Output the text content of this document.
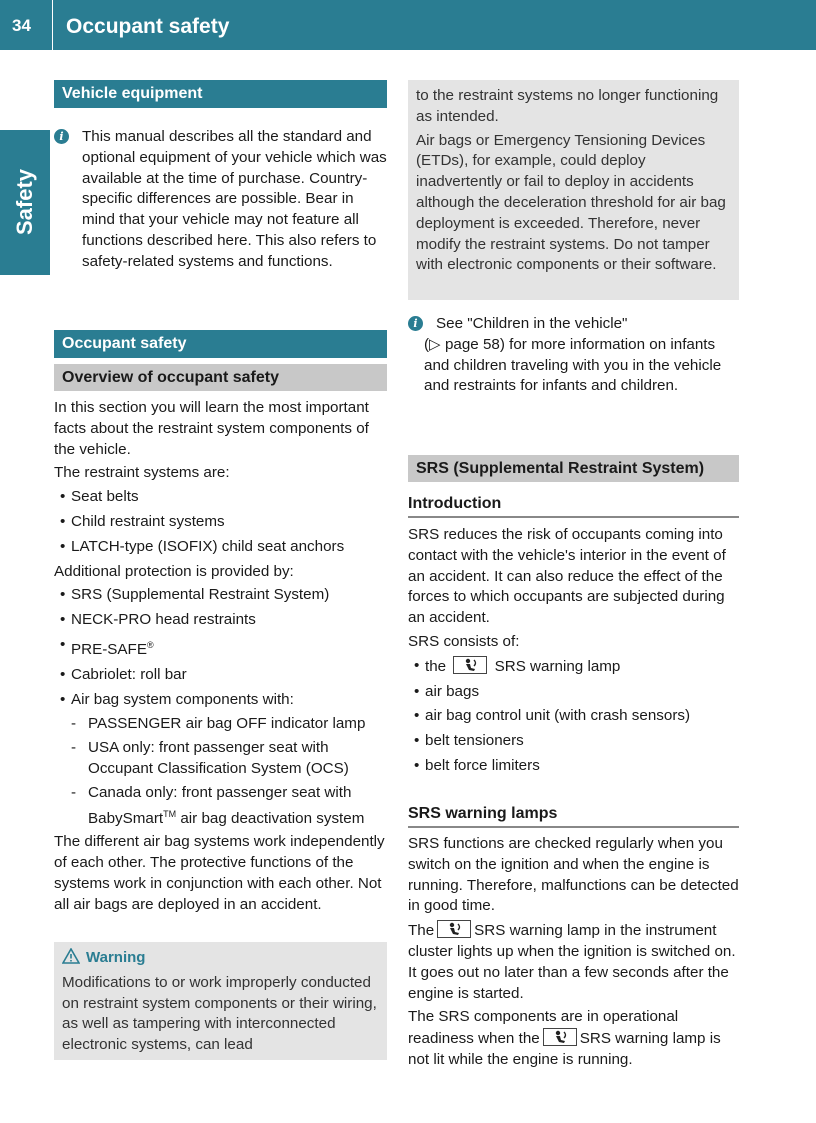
34 Occupant safety
Safety
Vehicle equipment
i	This manual describes all the standard and optional equipment of your vehicle which was available at the time of purchase. Country-specific differences are possible. Bear in mind that your vehicle may not feature all functions described here. This also refers to safety-related systems and functions.
Occupant safety
Overview of occupant safety

In this section you will learn the most important facts about the restraint system components of the vehicle.

The restraint systems are:

• Seat belts
• Child restraint systems
• LATCH-type (ISOFIX) child seat anchors

Additional protection is provided by:

• SRS (Supplemental Restraint System)
• NECK-PRO head restraints
• PRE-SAFE®
• Cabriolet: roll bar
• Air bag system components with:
- PASSENGER air bag OFF indicator lamp
- USA only: front passenger seat with Occupant Classification System (OCS)
- Canada only: front passenger seat with BabySmart™ air bag deactivation system

The different air bag systems work independently of each other. The protective functions of the systems work in conjunction with each other. Not all air bags are deployed in an accident.

Warning

Modifications to or work improperly conducted on restraint system components or their wiring, as well as tampering with interconnected electronic systems, can lead

to the restraint systems no longer functioning as intended.

Air bags or Emergency Tensioning Devices (ETDs), for example, could deploy inadvertently or fail to deploy in accidents although the deceleration threshold for air bag deployment is exceeded. Therefore, never modify the restraint systems. Do not tamper with electronic components or their software.

i	See "Children in the vehicle"
(▷ page 58) for more information on infants and children traveling with you in the vehicle and restraints for infants and children.
SRS (Supplemental Restraint System)
Introduction

SRS reduces the risk of occupants coming into contact with the vehicle's interior in the event of an accident. It can also reduce the effect of the forces to which occupants are subjected during an accident.

SRS consists of:

• the	SRS warning lamp
• air bags
• air bag control unit (with crash sensors)
• belt tensioners
• belt force limiters
SRS warning lamps

SRS functions are checked regularly when you switch on the ignition and when the engine is running. Therefore, malfunctions can be detected in good time.

The	SRS warning lamp in the instrument cluster lights up when the ignition is switched on. It goes out no later than a few seconds after the engine is started.

The SRS components are in operational readiness when the	SRS warning lamp is not lit while the engine is running.
